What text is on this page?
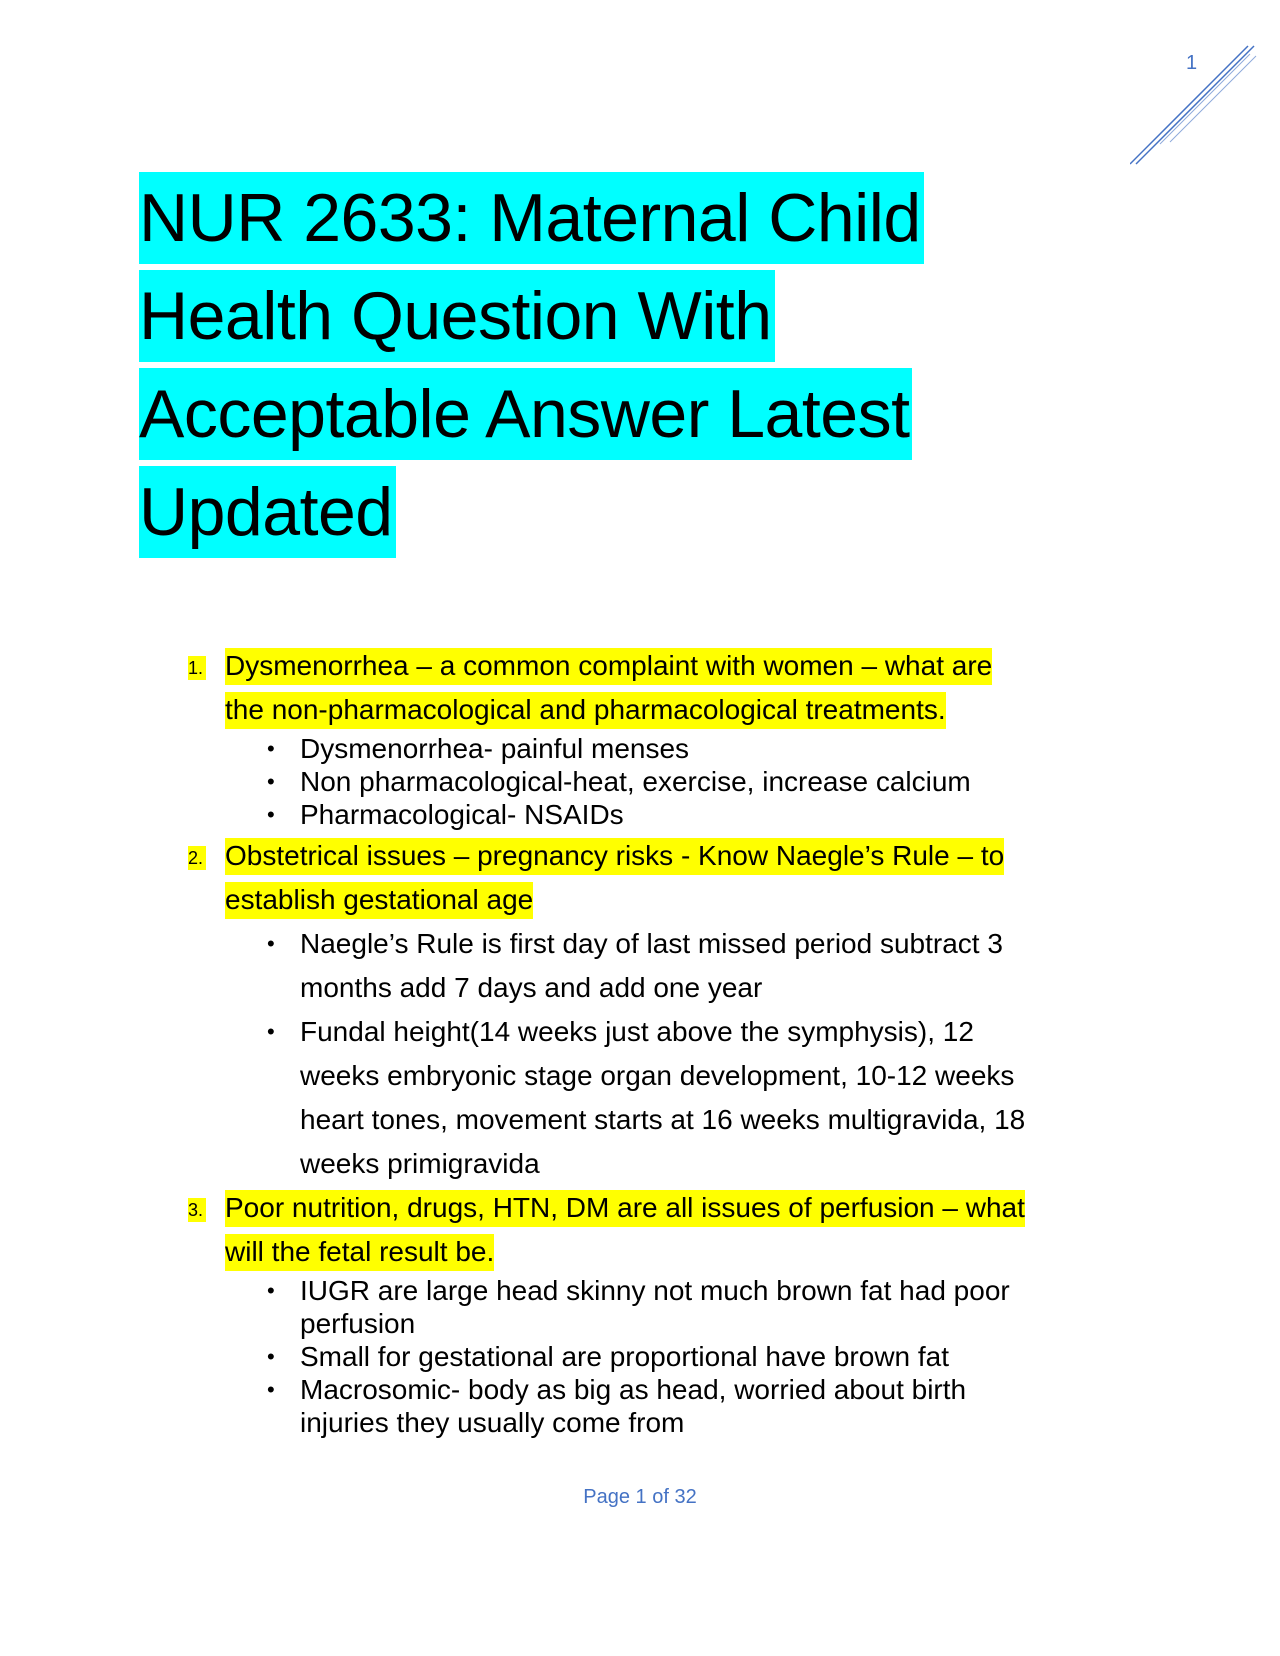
1
NUR 2633: Maternal Child
Health Question With
Acceptable Answer Latest
Updated
1. Dysmenorrhea – a common complaint with women – what are
the non-pharmacological and pharmacological treatments.
• Dysmenorrhea- painful menses
• Non pharmacological-heat, exercise, increase calcium
• Pharmacological- NSAIDs
2. Obstetrical issues – pregnancy risks - Know Naegle’s Rule – to
establish gestational age
• Naegle’s Rule is first day of last missed period subtract 3
months add 7 days and add one year
• Fundal height(14 weeks just above the symphysis), 12
weeks embryonic stage organ development, 10-12 weeks
heart tones, movement starts at 16 weeks multigravida, 18
weeks primigravida
3. Poor nutrition, drugs, HTN, DM are all issues of perfusion – what
will the fetal result be.
• IUGR are large head skinny not much brown fat had poor
perfusion
• Small for gestational are proportional have brown fat
• Macrosomic- body as big as head, worried about birth
injuries they usually come from
Page 1 of 32
